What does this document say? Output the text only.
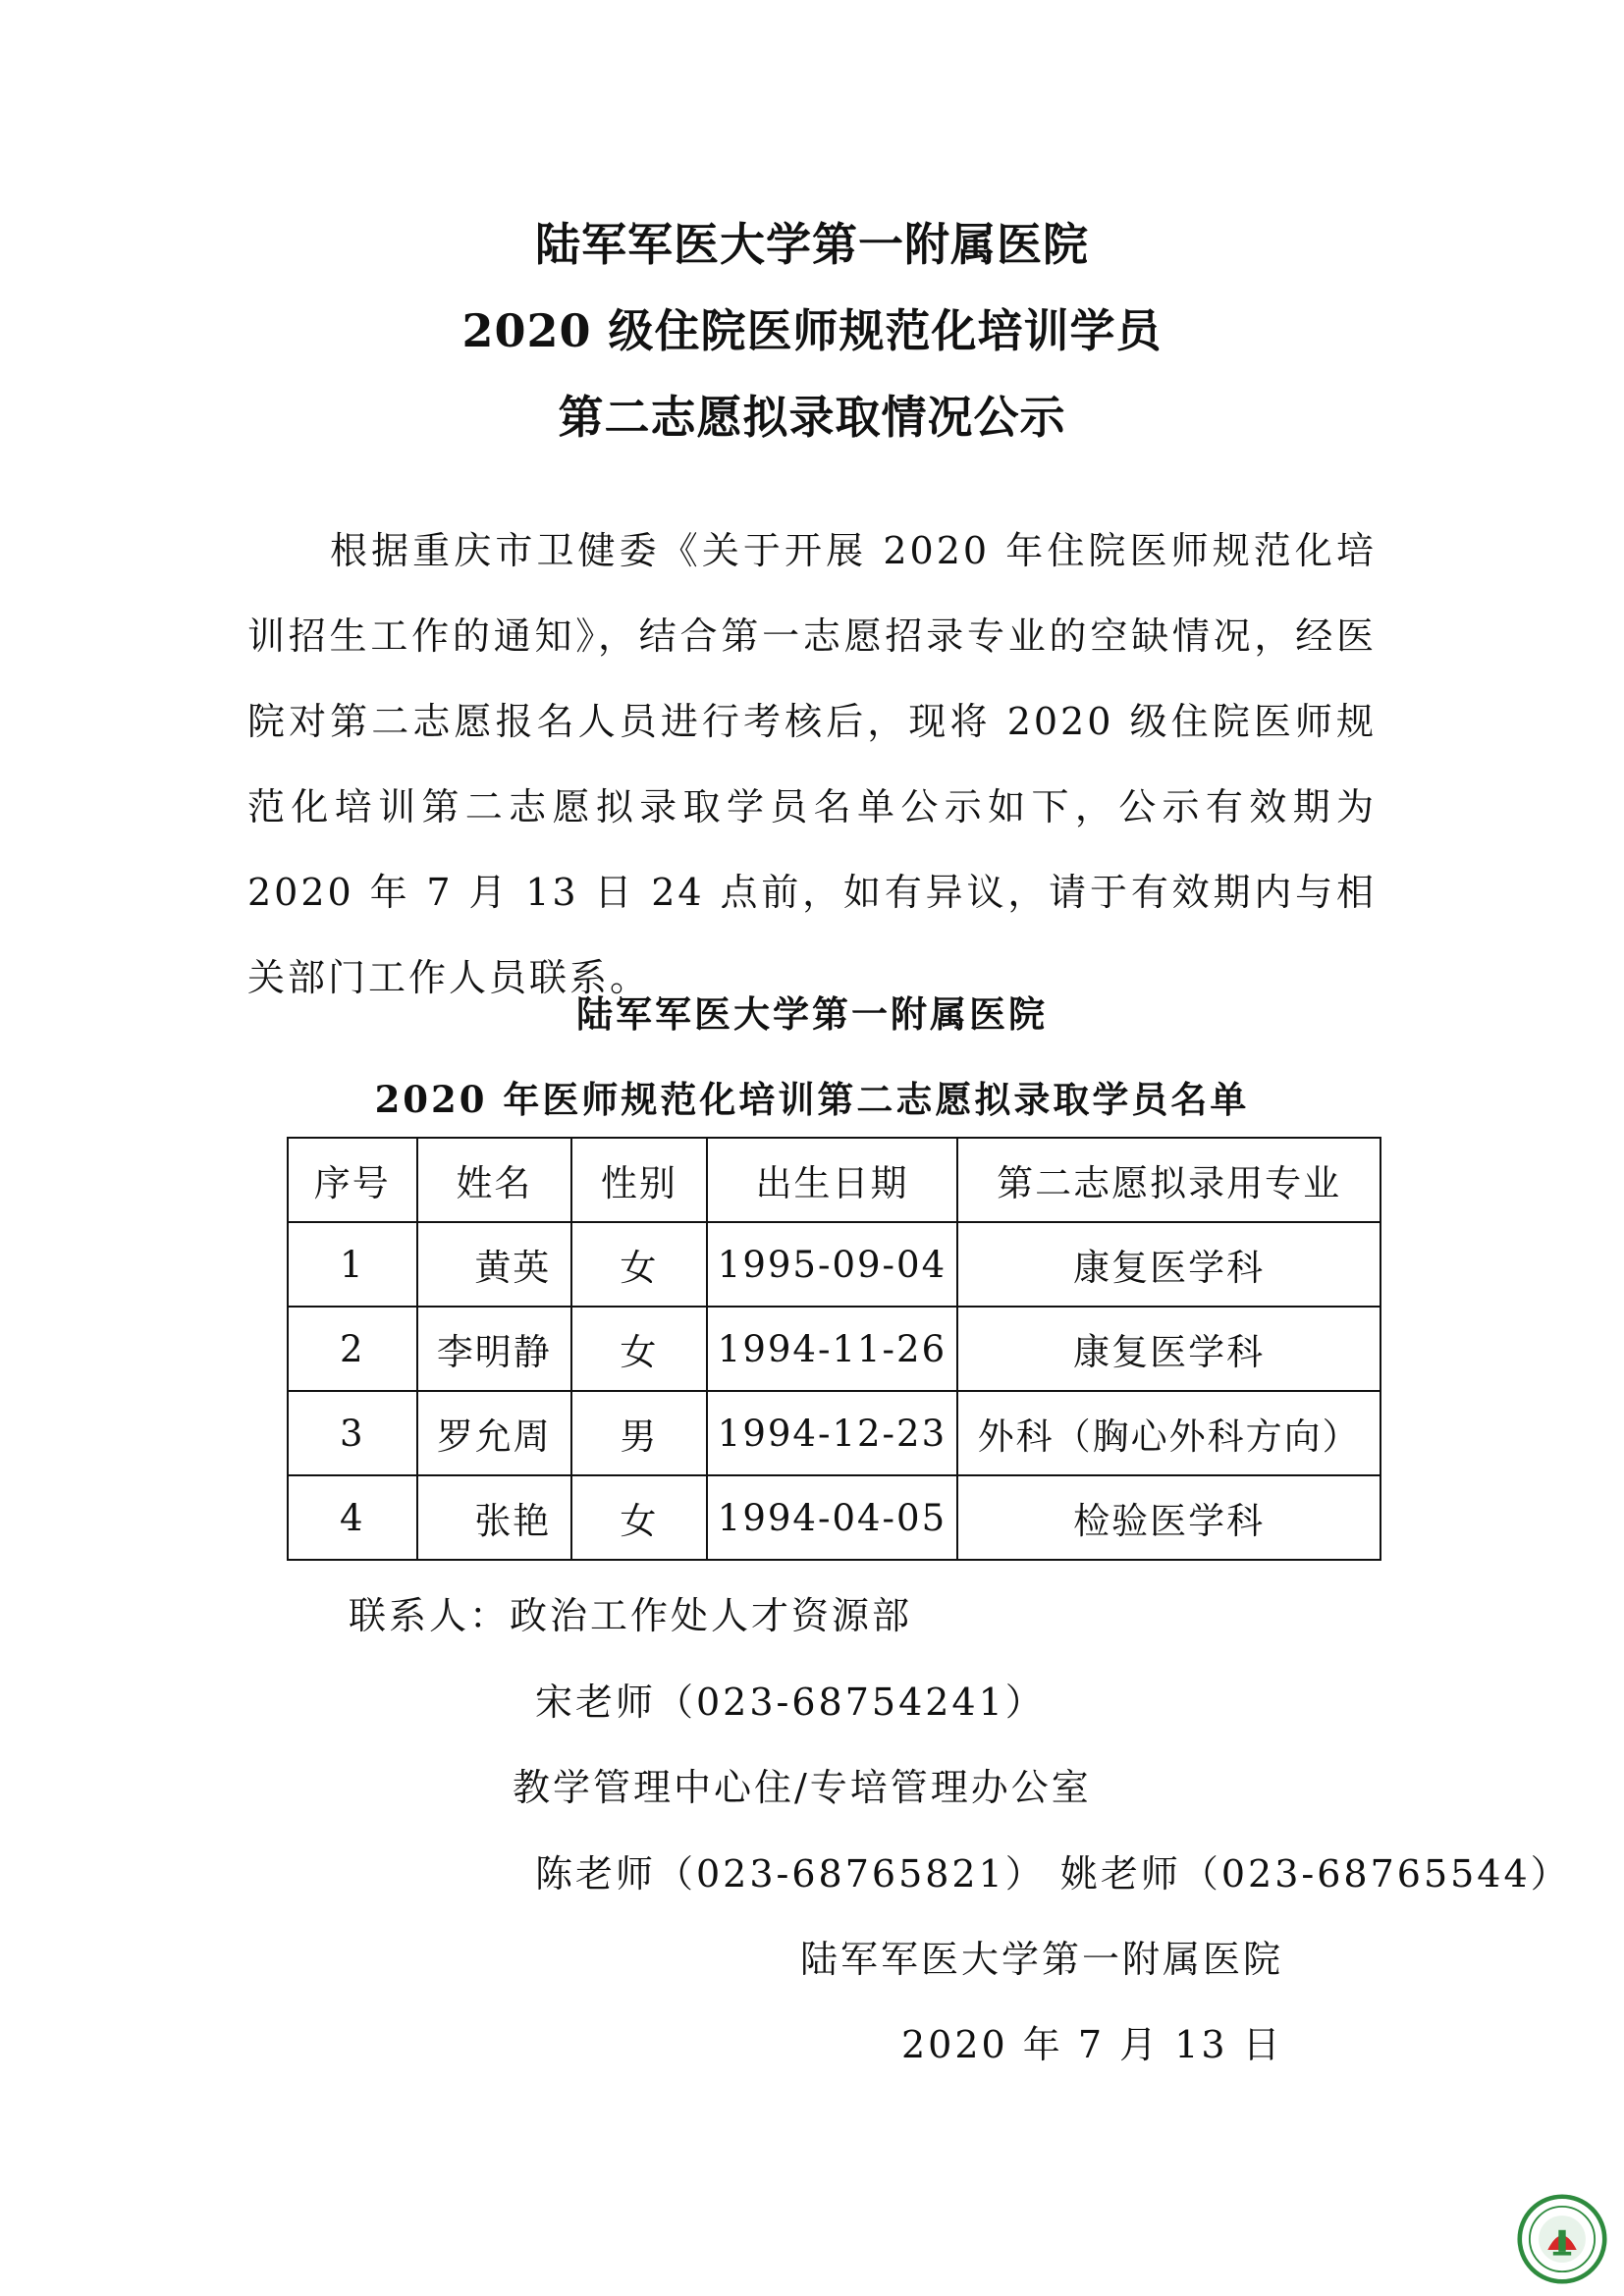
陆军军医大学第一附属医院
2020 级住院医师规范化培训学员
第二志愿拟录取情况公示

根据重庆市卫健委《关于开展 2020 年住院医师规范化培训招生工作的通知》，结合第一志愿招录专业的空缺情况，经医院对第二志愿报名人员进行考核后，现将 2020 级住院医师规范化培训第二志愿拟录取学员名单公示如下，公示有效期为 2020 年 7 月 13 日 24 点前，如有异议，请于有效期内与相关部门工作人员联系。

陆军军医大学第一附属医院
2020 年医师规范化培训第二志愿拟录取学员名单
序号	姓名	性别	出生日期	第二志愿拟录用专业
1	黄英	女	1995-09-04	康复医学科
2	李明静	女	1994-11-26	康复医学科
3	罗允周	男	1994-12-23	外科（胸心外科方向）
4	张艳	女	1994-04-05	检验医学科
联系人：政治工作处人才资源部
宋老师（023-68754241）
教学管理中心住/专培管理办公室
陈老师（023-68765821） 姚老师（023-68765544）
陆军军医大学第一附属医院
2020 年 7 月 13 日
